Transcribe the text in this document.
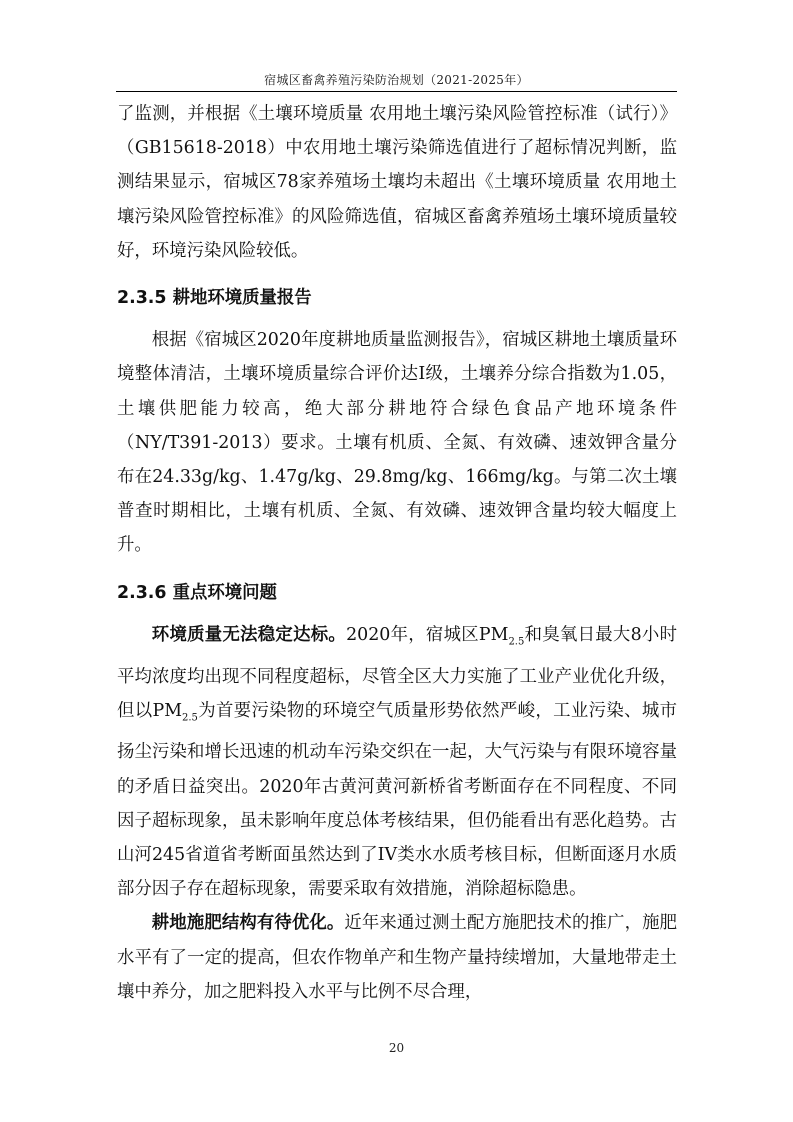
宿城区畜禽养殖污染防治规划（2021-2025年）

了监测，并根据《土壤环境质量 农用地土壤污染风险管控标准（试行）》（GB15618-2018）中农用地土壤污染筛选值进行了超标情况判断，监测结果显示，宿城区78家养殖场土壤均未超出《土壤环境质量 农用地土壤污染风险管控标准》的风险筛选值，宿城区畜禽养殖场土壤环境质量较好，环境污染风险较低。

2.3.5 耕地环境质量报告

根据《宿城区2020年度耕地质量监测报告》，宿城区耕地土壤质量环境整体清洁，土壤环境质量综合评价达I级，土壤养分综合指数为1.05，土壤供肥能力较高，绝大部分耕地符合绿色食品产地环境条件（NY/T391-2013）要求。土壤有机质、全氮、有效磷、速效钾含量分布在24.33g/kg、1.47g/kg、29.8mg/kg、166mg/kg。与第二次土壤普查时期相比，土壤有机质、全氮、有效磷、速效钾含量均较大幅度上升。

2.3.6 重点环境问题

环境质量无法稳定达标。2020年，宿城区$PM_{2.5}$和臭氧日最大8小时平均浓度均出现不同程度超标，尽管全区大力实施了工业产业优化升级，但以$PM_{2.5}$为首要污染物的环境空气质量形势依然严峻，工业污染、城市扬尘污染和增长迅速的机动车污染交织在一起，大气污染与有限环境容量的矛盾日益突出。2020年古黄河黄河新桥省考断面存在不同程度、不同因子超标现象，虽未影响年度总体考核结果，但仍能看出有恶化趋势。古山河245省道省考断面虽然达到了IV类水水质考核目标，但断面逐月水质部分因子存在超标现象，需要采取有效措施，消除超标隐患。

耕地施肥结构有待优化。近年来通过测土配方施肥技术的推广，施肥水平有了一定的提高，但农作物单产和生物产量持续增加，大量地带走土壤中养分，加之肥料投入水平与比例不尽合理，

20
